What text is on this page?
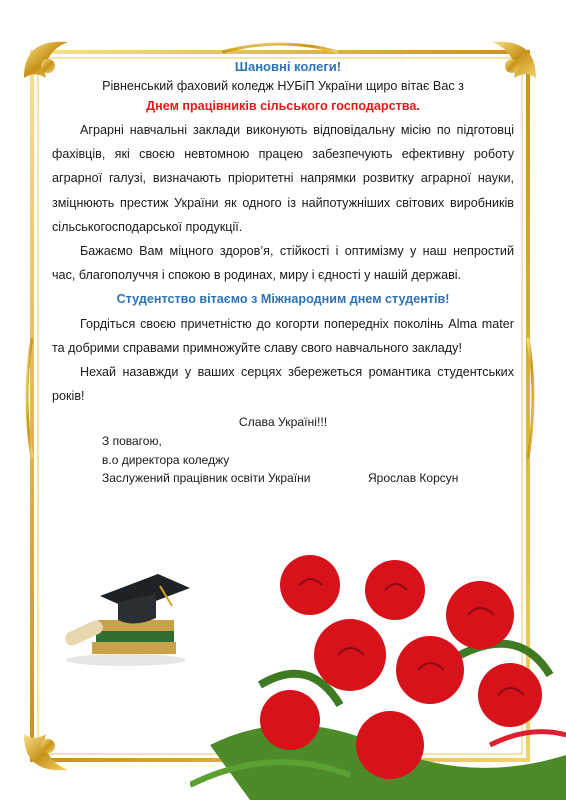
Шановні колеги!
Рівненський фаховий коледж НУБіП України щиро вітає Вас з
Днем працівників сільського господарства.

Аграрні навчальні заклади виконують відповідальну місію по підготовці фахівців, які своєю невтомною працею забезпечують ефективну роботу аграрної галузі, визначають пріоритетні напрямки розвитку аграрної науки, зміцнюють престиж України як одного із найпотужніших світових виробників сільськогосподарської продукції.

Бажаємо Вам міцного здоров’я, стійкості і оптимізму у наш непростий час, благополуччя і спокою в родинах, миру і єдності у нашій державі.

Студентство вітаємо з Міжнародним днем студентів!

Гордіться своєю причетністю до когорти попередніх поколінь Alma mater та добрими справами примножуйте славу свого навчального закладу!

Нехай назавжди у ваших серцях збережеться романтика студентських років!

Слава Україні!!!
З повагою,
в.о директора коледжу
Заслужений працівник освіти України	Ярослав Корсун
